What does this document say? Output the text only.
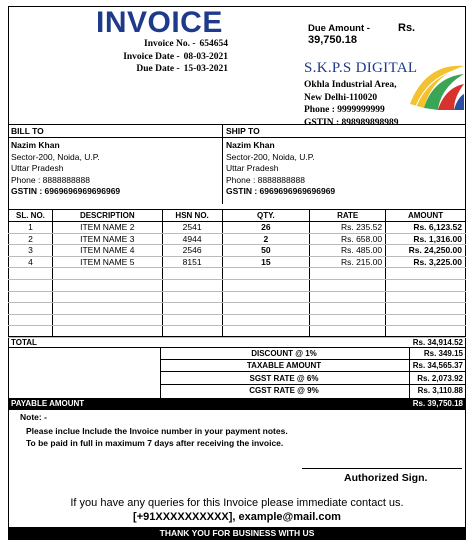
INVOICE
Invoice No. - 654654
Invoice Date - 08-03-2021
Due Date - 15-03-2021
Due Amount -	Rs. 39,750.18
S.K.P.S DIGITAL
Okhla Industrial Area,
New Delhi-110020
Phone : 9999999999
GSTIN : 898989898989
BILL TO
Nazim Khan
Sector-200, Noida, U.P.
Uttar Pradesh
Phone : 8888888888
GSTIN : 6969696969696969
SHIP TO
Nazim Khan
Sector-200, Noida, U.P.
Uttar Pradesh
Phone : 8888888888
GSTIN : 6969696969696969
SL. NO.	DESCRIPTION	HSN NO.	QTY.	RATE	AMOUNT
1	ITEM NAME 2	2541	26	Rs. 235.52	Rs. 6,123.52
2	ITEM NAME 3	4944	2	Rs. 658.00	Rs. 1,316.00
3	ITEM NAME 4	2546	50	Rs. 485.00	Rs. 24,250.00
4	ITEM NAME 5	8151	15	Rs. 215.00	Rs. 3,225.00

TOTAL	Rs. 34,914.52
DISCOUNT @ 1%	Rs. 349.15
TAXABLE AMOUNT	Rs. 34,565.37
SGST RATE @ 6%	Rs. 2,073.92
CGST RATE @ 9%	Rs. 3,110.88
PAYABLE AMOUNT	Rs. 39,750.18
Note: -
Please inclue Include the Invoice number in your payment notes.
To be paid in full in maximum 7 days after receiving the invoice.
Authorized Sign.
If you have any queries for this Invoice please immediate contact us.
[+91XXXXXXXXXX], example@mail.com
THANK YOU FOR BUSINESS WITH US
